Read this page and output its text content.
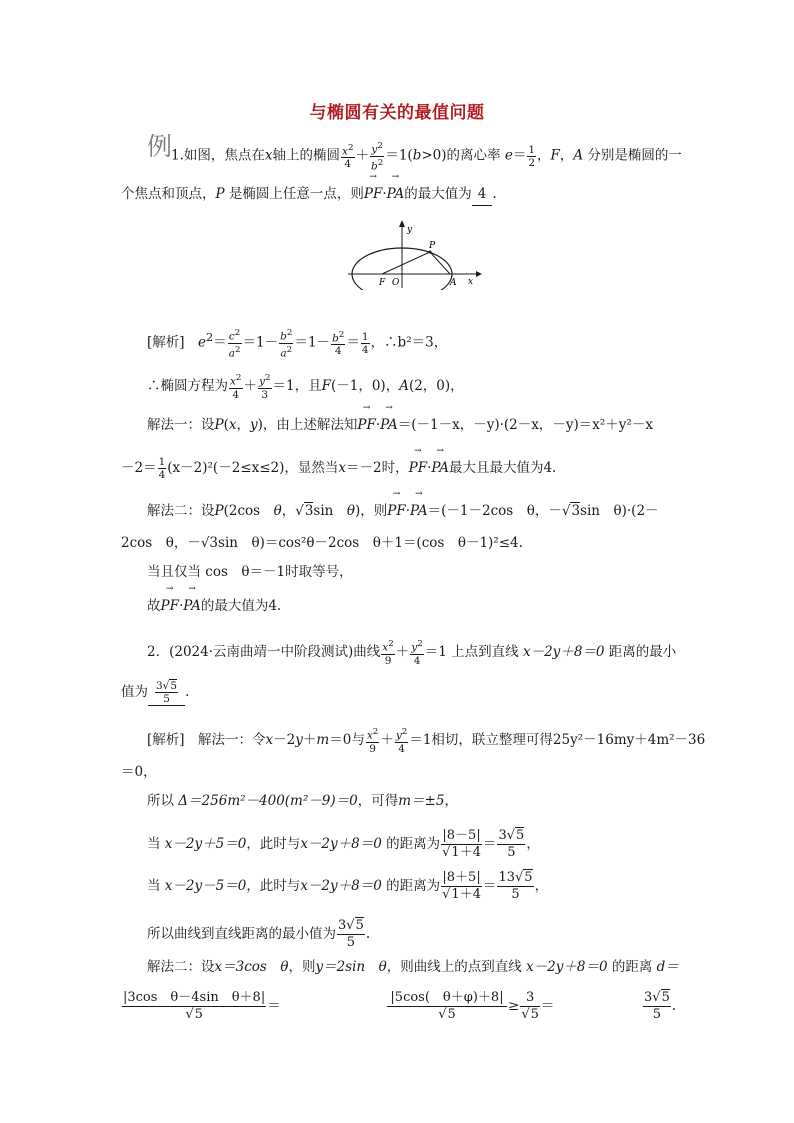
与椭圆有关的最值问题
例
1.如图，焦点在x轴上的椭圆 $\frac{x^2}{4} + \frac{y^2}{b^2} =1(b>0)$的离心率 $e= \frac{1}{2}$ ，F，A 分别是椭圆的一
个焦点和顶点，P 是椭圆上任意一点，则→ PF·→ PA的最大值为 4 .
y
P
F O	A x
[解析]　 $e^2= \frac{c^2}{a^2} =1- \frac{b^2}{a^2} =1- \frac{b^2}{4} = \frac{1}{4}$ ，∴b²＝3，
∴椭圆方程为 $\frac{x^2}{4} + \frac{y^2}{3} =1$，且F(－1，0)，A(2，0)，
解法一：设P(x，y)，由上述解法知→ PF·→ PA＝(－1－x，－y)·(2－x，－y)＝x²＋y²－x
$-2= \frac{1}{4} (x-2)^2(-2\le x\le 2)$，显然当x＝－2时，→ PF·→ PA最大且最大值为4.
解法二：设P(2cos　θ，√3sin　θ)，则→ PF·→ PA＝(－1－2cos　θ，－√3sin　θ)·(2－
2cos　θ，－√3sin　θ)＝cos²θ－2cos　θ＋1＝(cos　θ－1)²≤4.
当且仅当 cos　θ＝－1时取等号，
故→ PF·→ PA的最大值为4.
2．(2024·云南曲靖一中阶段测试)曲线 $\frac{x^2}{9} + \frac{y^2}{4} =1$ 上点到直线 x－2y＋8＝0 距离的最小
值为 $\frac{3√5}{5}$ .
[解析]　 解法一：令x－2y＋m＝0与 $\frac{x^2}{9} + \frac{y^2}{4} =1$相切，联立整理可得25y²－16my＋4m²－36
＝0，
所以 Δ＝256m²－400(m²－9)＝0，可得m＝±5，
当 x－2y＋5＝0，此时与x－2y＋8＝0 的距离为 $\frac{|8-5|}{√1+4} = \frac{3√5}{5}$ ，
当 x－2y－5＝0，此时与x－2y＋8＝0 的距离为 $\frac{|8+5|}{√1+4} = \frac{13√5}{5}$ ，
所以曲线到直线距离的最小值为 $\frac{3√5}{5}$ .
解法二：设x＝3cos　θ，则y＝2sin　θ，则曲线上的点到直线 x－2y＋8＝0 的距离 d＝
$\frac{\text{|3cos　θ－4sin　θ＋8|}}{√5}$ ＝	$\frac{|5\cos( \theta+\varphi)+8|}{√5} \ge \frac{3}{√5}$ ＝	$\frac{3√5}{5}$ .
